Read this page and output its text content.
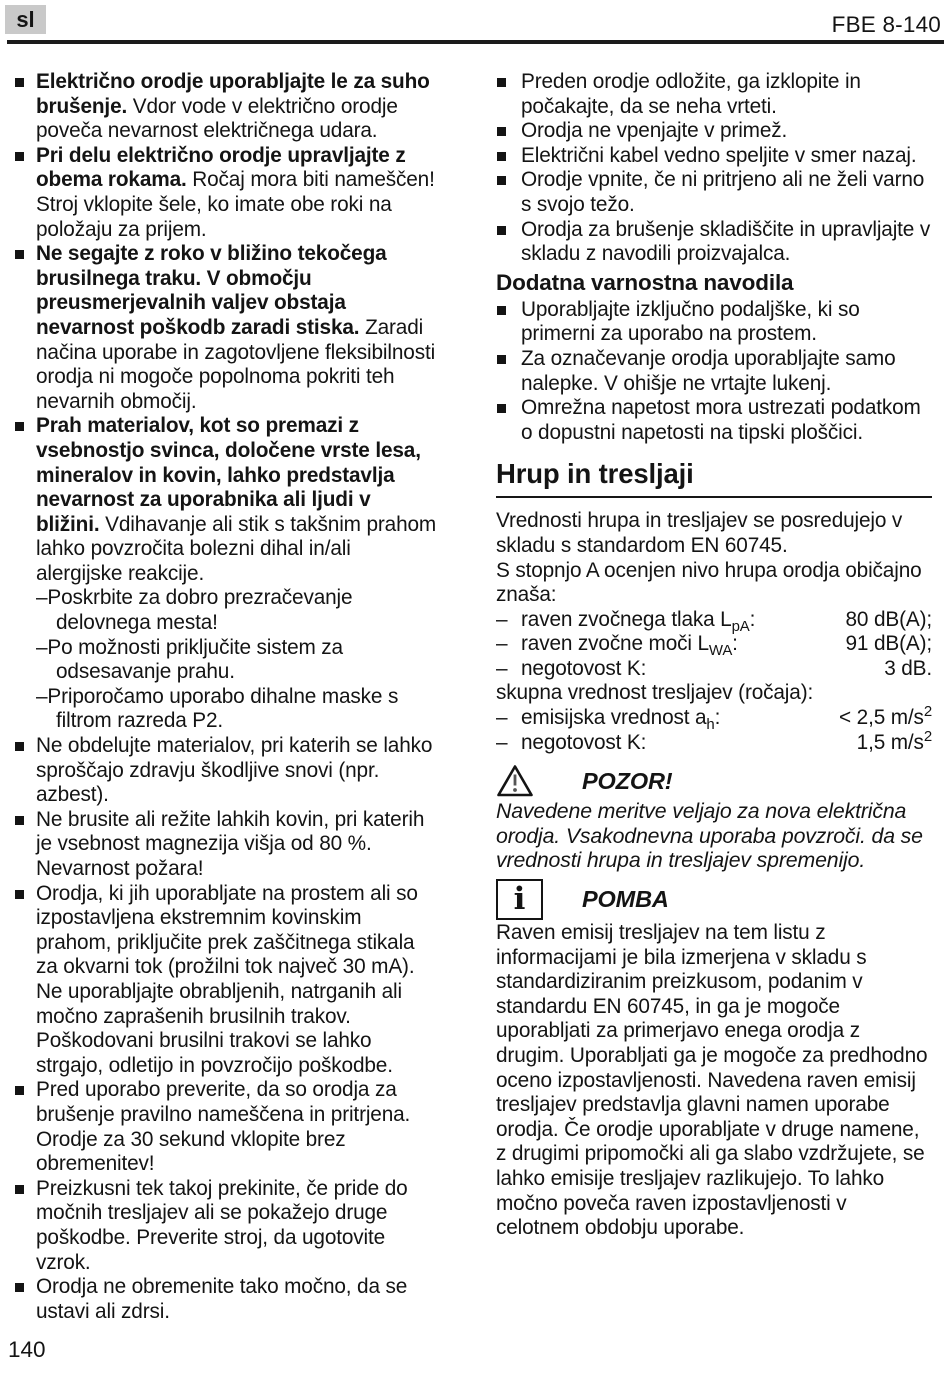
sl	FBE 8-140
Električno orodje uporabljajte le za suho brušenje. Vdor vode v električno orodje poveča nevarnost električnega udara.
Pri delu električno orodje upravljajte z obema rokama. Ročaj mora biti nameščen! Stroj vklopite šele, ko imate obe roki na položaju za prijem.
Ne segajte z roko v bližino tekočega brusilnega traku. V območju preusmerjevalnih valjev obstaja nevarnost poškodb zaradi stiska. Zaradi načina uporabe in zagotovljene fleksibilnosti orodja ni mogoče popolnoma pokriti teh nevarnih območij.
Prah materialov, kot so premazi z vsebnostjo svinca, določene vrste lesa, mineralov in kovin, lahko predstavlja nevarnost za uporabnika ali ljudi v bližini. Vdihavanje ali stik s takšnim prahom lahko povzročita bolezni dihal in/ali alergijske reakcije.
–Poskrbite za dobro prezračevanje delovnega mesta!
–Po možnosti priključite sistem za odsesavanje prahu.
–Priporočamo uporabo dihalne maske s filtrom razreda P2.
Ne obdelujte materialov, pri katerih se lahko sproščajo zdravju škodljive snovi (npr. azbest).
Ne brusite ali režite lahkih kovin, pri katerih je vsebnost magnezija višja od 80 %. Nevarnost požara!
Orodja, ki jih uporabljate na prostem ali so izpostavljena ekstremnim kovinskim prahom, priključite prek zaščitnega stikala za okvarni tok (prožilni tok največ 30 mA). Ne uporabljajte obrabljenih, natrganih ali močno zaprašenih brusilnih trakov. Poškodovani brusilni trakovi se lahko strgajo, odletijo in povzročijo poškodbe.
Pred uporabo preverite, da so orodja za brušenje pravilno nameščena in pritrjena. Orodje za 30 sekund vklopite brez obremenitev!
Preizkusni tek takoj prekinite, če pride do močnih tresljajev ali se pokažejo druge poškodbe. Preverite stroj, da ugotovite vzrok.
Orodja ne obremenite tako močno, da se ustavi ali zdrsi.
Preden orodje odložite, ga izklopite in počakajte, da se neha vrteti.
Orodja ne vpenjajte v primež.
Električni kabel vedno speljite v smer nazaj.
Orodje vpnite, če ni pritrjeno ali ne želi varno s svojo težo.
Orodja za brušenje skladiščite in upravljajte v skladu z navodili proizvajalca.
Dodatna varnostna navodila
Uporabljajte izključno podaljške, ki so primerni za uporabo na prostem.
Za označevanje orodja uporabljajte samo nalepke. V ohišje ne vrtajte lukenj.
Omrežna napetost mora ustrezati podatkom o dopustni napetosti na tipski ploščici.
Hrup in tresljaji
Vrednosti hrupa in tresljajev se posredujejo v skladu s standardom EN 60745.
S stopnjo A ocenjen nivo hrupa orodja običajno znaša:
– raven zvočnega tlaka $L_{pA}$:	80 dB(A);
– raven zvočne moči $L_{WA}$:	91 dB(A);
– negotovost K:	3 dB.
skupna vrednost tresljajev (ročaja):
– emisijska vrednost $a_h$:	< 2,5 $m/s^2$
– negotovost K:	1,5 $m/s^2$
POZOR!
Navedene meritve veljajo za nova električna orodja. Vsakodnevna uporaba povzroči. da se vrednosti hrupa in tresljajev spremenijo.
i POMBA
Raven emisij tresljajev na tem listu z informacijami je bila izmerjena v skladu s standardiziranim preizkusom, podanim v standardu EN 60745, in ga je mogoče uporabljati za primerjavo enega orodja z drugim. Uporabljati ga je mogoče za predhodno oceno izpostavljenosti. Navedena raven emisij tresljajev predstavlja glavni namen uporabe orodja. Če orodje uporabljate v druge namene, z drugimi pripomočki ali ga slabo vzdržujete, se lahko emisije tresljajev razlikujejo. To lahko močno poveča raven izpostavljenosti v celotnem obdobju uporabe.
140
